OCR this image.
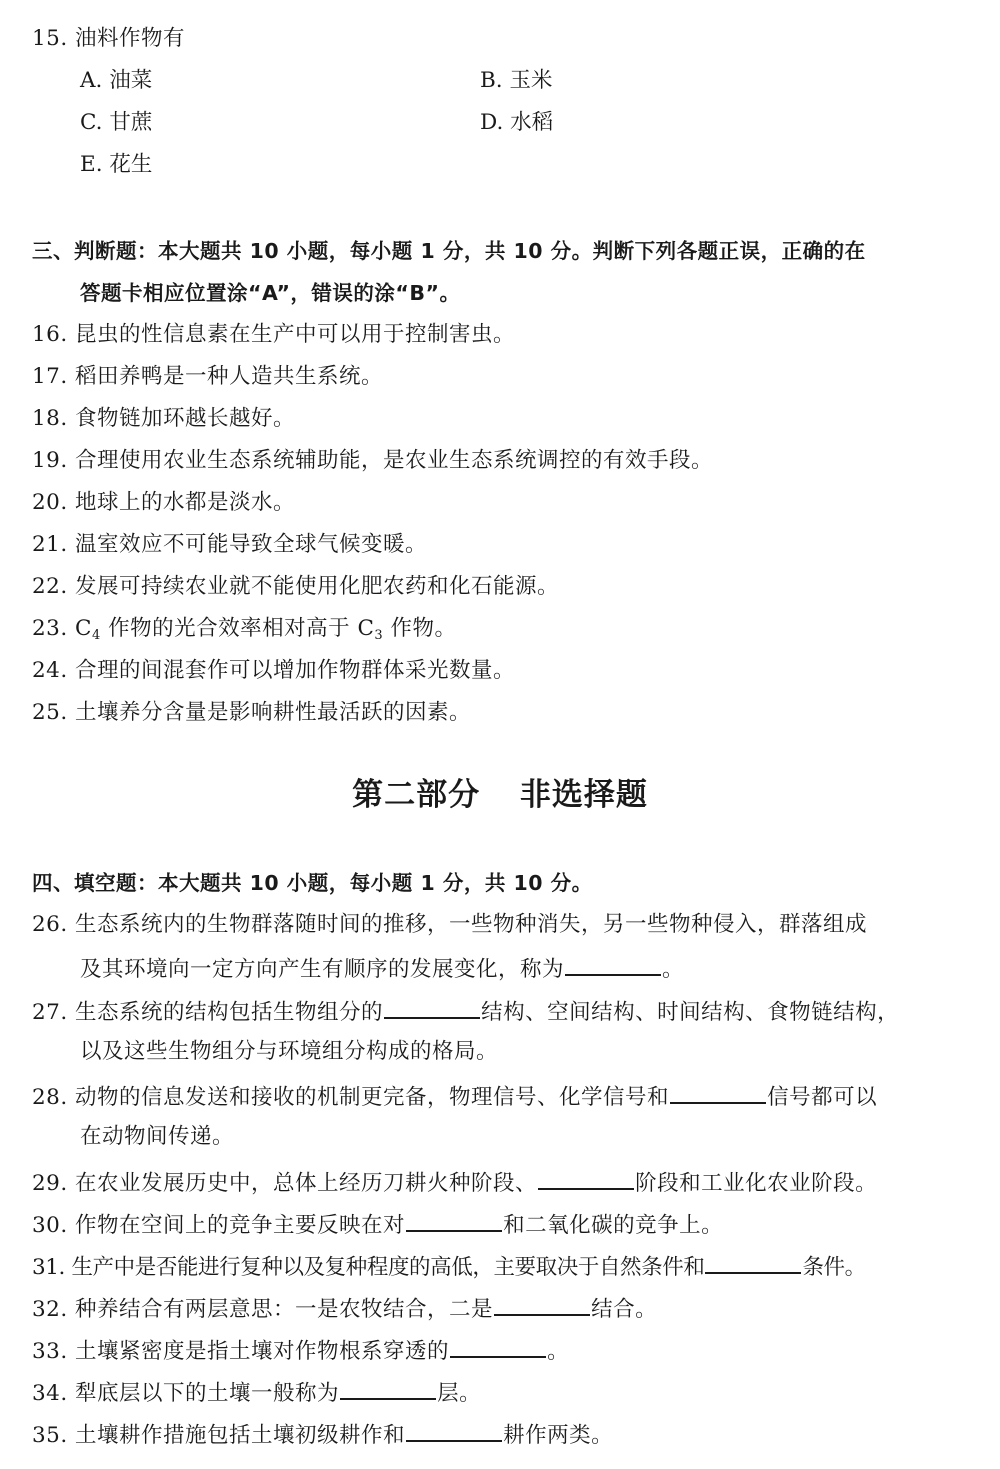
15. 油料作物有
A. 油菜	B. 玉米
C. 甘蔗	D. 水稻
E. 花生
三、判断题：本大题共 10 小题，每小题 1 分，共 10 分。判断下列各题正误，正确的在
答题卡相应位置涂“A”，错误的涂“B”。
16. 昆虫的性信息素在生产中可以用于控制害虫。
17. 稻田养鸭是一种人造共生系统。
18. 食物链加环越长越好。
19. 合理使用农业生态系统辅助能，是农业生态系统调控的有效手段。
20. 地球上的水都是淡水。
21. 温室效应不可能导致全球气候变暖。
22. 发展可持续农业就不能使用化肥农药和化石能源。
23. $C_4$ 作物的光合效率相对高于 $C_3$ 作物。
24. 合理的间混套作可以增加作物群体采光数量。
25. 土壤养分含量是影响耕性最活跃的因素。
第二部分 非选择题
四、填空题：本大题共 10 小题，每小题 1 分，共 10 分。
26. 生态系统内的生物群落随时间的推移，一些物种消失，另一些物种侵入，群落组成
及其环境向一定方向产生有顺序的发展变化，称为	。
27. 生态系统的结构包括生物组分的	结构、空间结构、时间结构、食物链结构，
以及这些生物组分与环境组分构成的格局。
28. 动物的信息发送和接收的机制更完备，物理信号、化学信号和	信号都可以
在动物间传递。
29. 在农业发展历史中，总体上经历刀耕火种阶段、	阶段和工业化农业阶段。
30. 作物在空间上的竞争主要反映在对	和二氧化碳的竞争上。
31. 生产中是否能进行复种以及复种程度的高低，主要取决于自然条件和	条件。
32. 种养结合有两层意思：一是农牧结合，二是	结合。
33. 土壤紧密度是指土壤对作物根系穿透的	。
34. 犁底层以下的土壤一般称为	层。
35. 土壤耕作措施包括土壤初级耕作和	耕作两类。
